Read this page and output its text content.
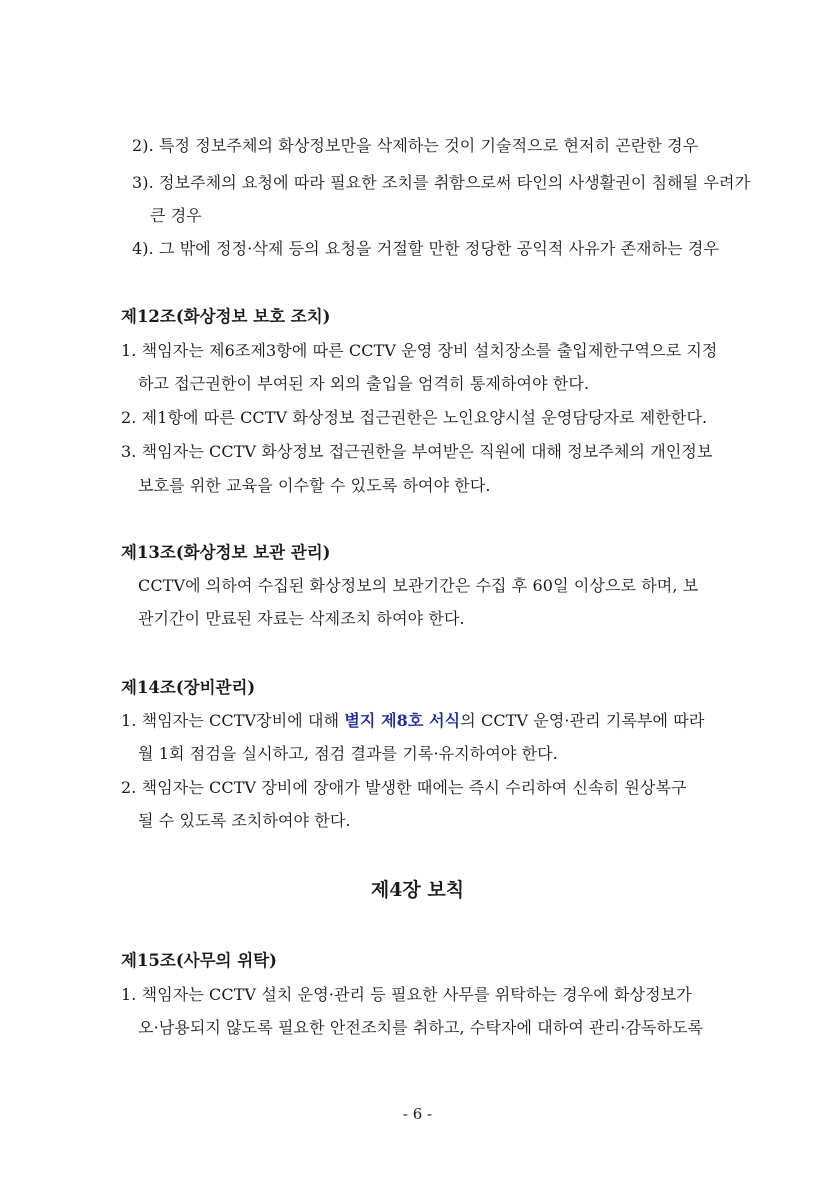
2). 특정 정보주체의 화상정보만을 삭제하는 것이 기술적으로 현저히 곤란한 경우
3). 정보주체의 요청에 따라 필요한 조치를 취함으로써 타인의 사생활권이 침해될 우려가
큰 경우
4). 그 밖에 정정·삭제 등의 요청을 거절할 만한 정당한 공익적 사유가 존재하는 경우
제12조(화상정보 보호 조치)
1. 책임자는 제6조제3항에 따른 CCTV 운영 장비 설치장소를 출입제한구역으로 지정
하고 접근권한이 부여된 자 외의 출입을 엄격히 통제하여야 한다.
2. 제1항에 따른 CCTV 화상정보 접근권한은 노인요양시설 운영담당자로 제한한다.
3. 책임자는 CCTV 화상정보 접근권한을 부여받은 직원에 대해 정보주체의 개인정보
보호를 위한 교육을 이수할 수 있도록 하여야 한다.
제13조(화상정보 보관 관리)
CCTV에 의하여 수집된 화상정보의 보관기간은 수집 후 60일 이상으로 하며, 보
관기간이 만료된 자료는 삭제조치 하여야 한다.
제14조(장비관리)
1. 책임자는 CCTV장비에 대해 별지 제8호 서식의 CCTV 운영·관리 기록부에 따라
월 1회 점검을 실시하고, 점검 결과를 기록·유지하여야 한다.
2. 책임자는 CCTV 장비에 장애가 발생한 때에는 즉시 수리하여 신속히 원상복구
될 수 있도록 조치하여야 한다.
제4장 보칙
제15조(사무의 위탁)
1. 책임자는 CCTV 설치 운영·관리 등 필요한 사무를 위탁하는 경우에 화상정보가
오·남용되지 않도록 필요한 안전조치를 취하고, 수탁자에 대하여 관리·감독하도록
- 6 -
